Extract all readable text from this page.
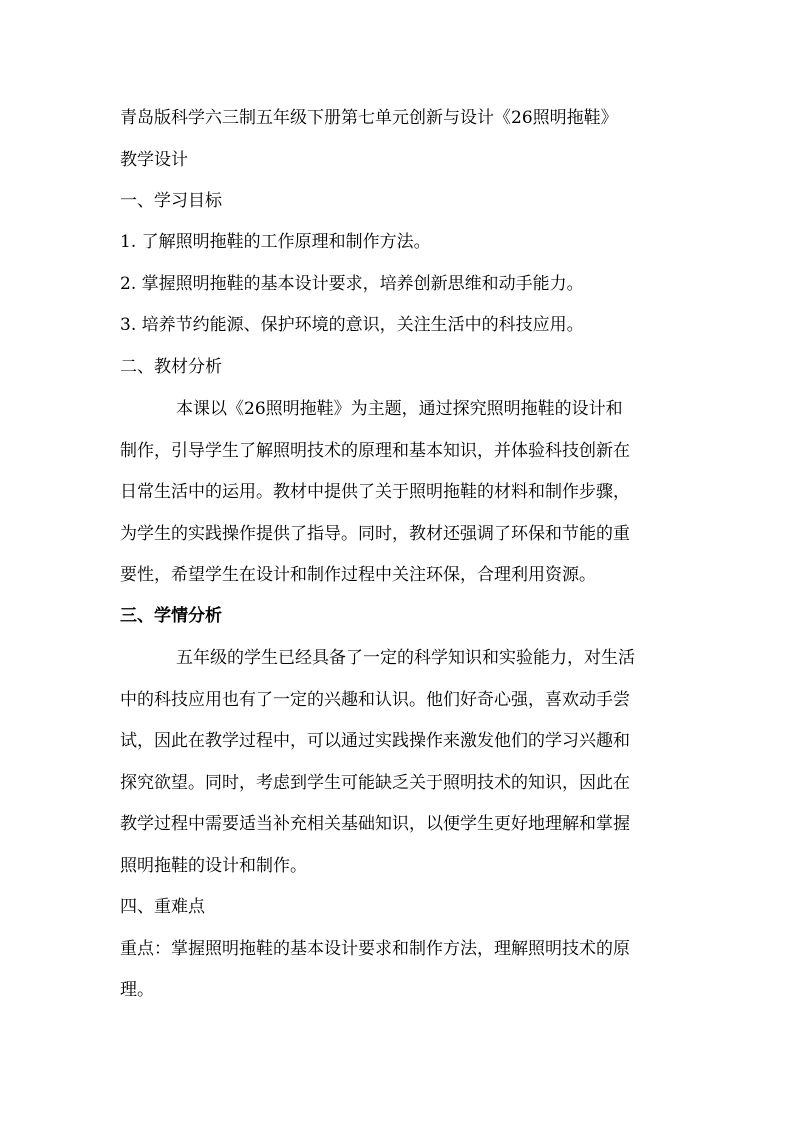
青岛版科学六三制五年级下册第七单元创新与设计《26照明拖鞋》
教学设计
一、学习目标
1. 了解照明拖鞋的工作原理和制作方法。
2. 掌握照明拖鞋的基本设计要求，培养创新思维和动手能力。
3. 培养节约能源、保护环境的意识，关注生活中的科技应用。
二、教材分析
本课以《26照明拖鞋》为主题，通过探究照明拖鞋的设计和
制作，引导学生了解照明技术的原理和基本知识，并体验科技创新在
日常生活中的运用。教材中提供了关于照明拖鞋的材料和制作步骤，
为学生的实践操作提供了指导。同时，教材还强调了环保和节能的重
要性，希望学生在设计和制作过程中关注环保，合理利用资源。
三、学情分析
五年级的学生已经具备了一定的科学知识和实验能力，对生活
中的科技应用也有了一定的兴趣和认识。他们好奇心强，喜欢动手尝
试，因此在教学过程中，可以通过实践操作来激发他们的学习兴趣和
探究欲望。同时，考虑到学生可能缺乏关于照明技术的知识，因此在
教学过程中需要适当补充相关基础知识，以便学生更好地理解和掌握
照明拖鞋的设计和制作。
四、重难点
重点：掌握照明拖鞋的基本设计要求和制作方法，理解照明技术的原
理。
